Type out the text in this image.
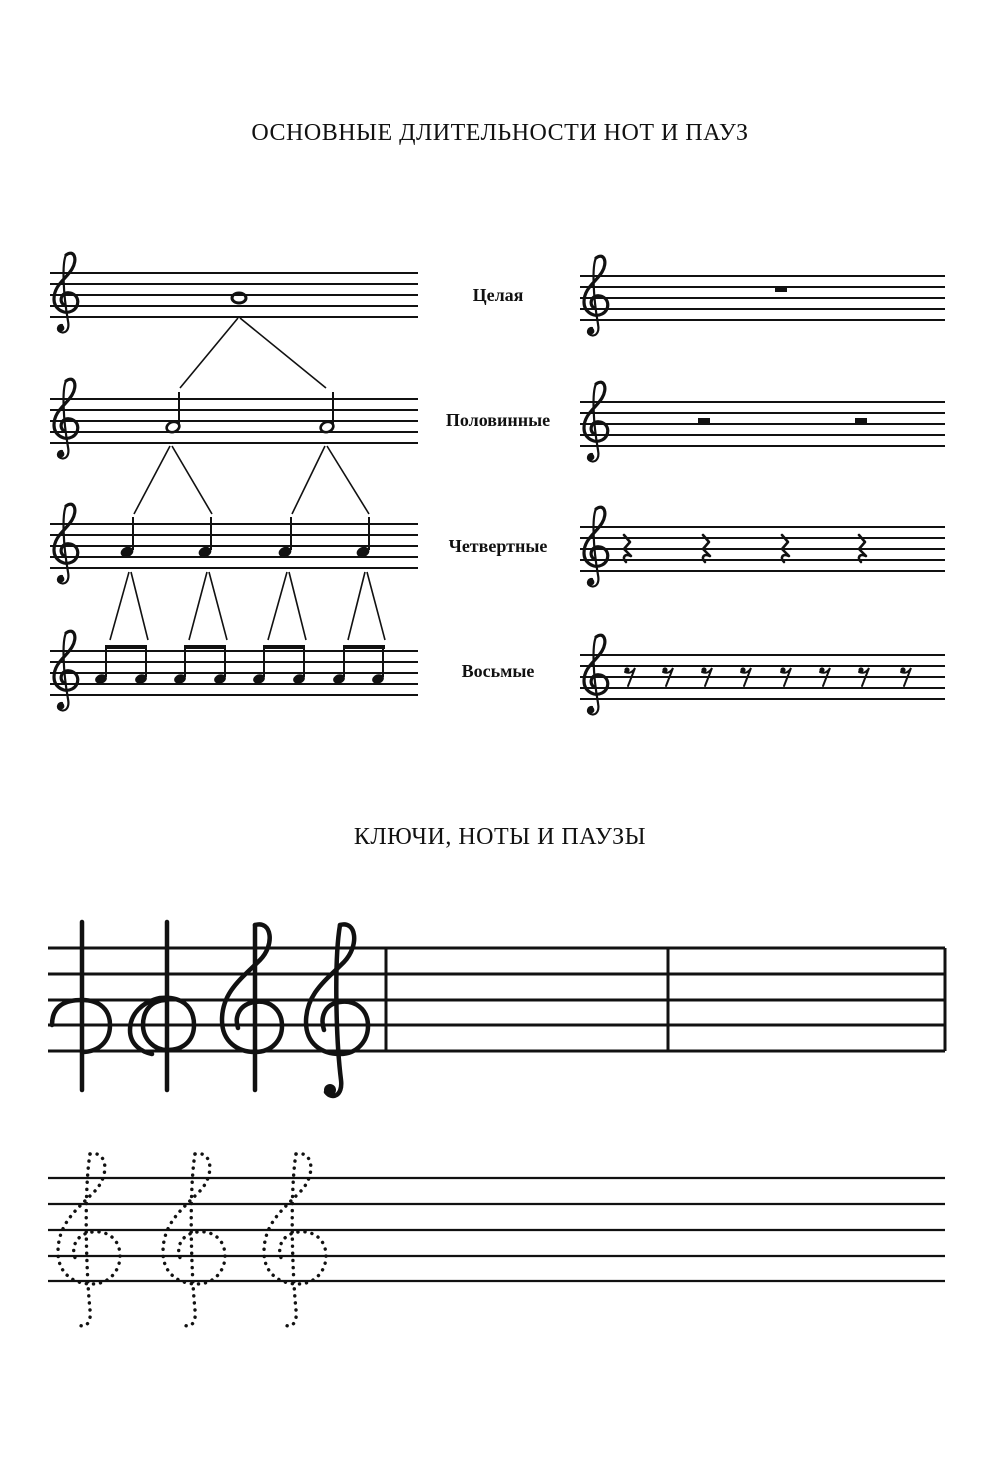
ОСНОВНЫЕ ДЛИТЕЛЬНОСТИ НОТ И ПАУЗ
КЛЮЧИ, НОТЫ И ПАУЗЫ
Целая
Половинные
Четвертные
Восьмые
